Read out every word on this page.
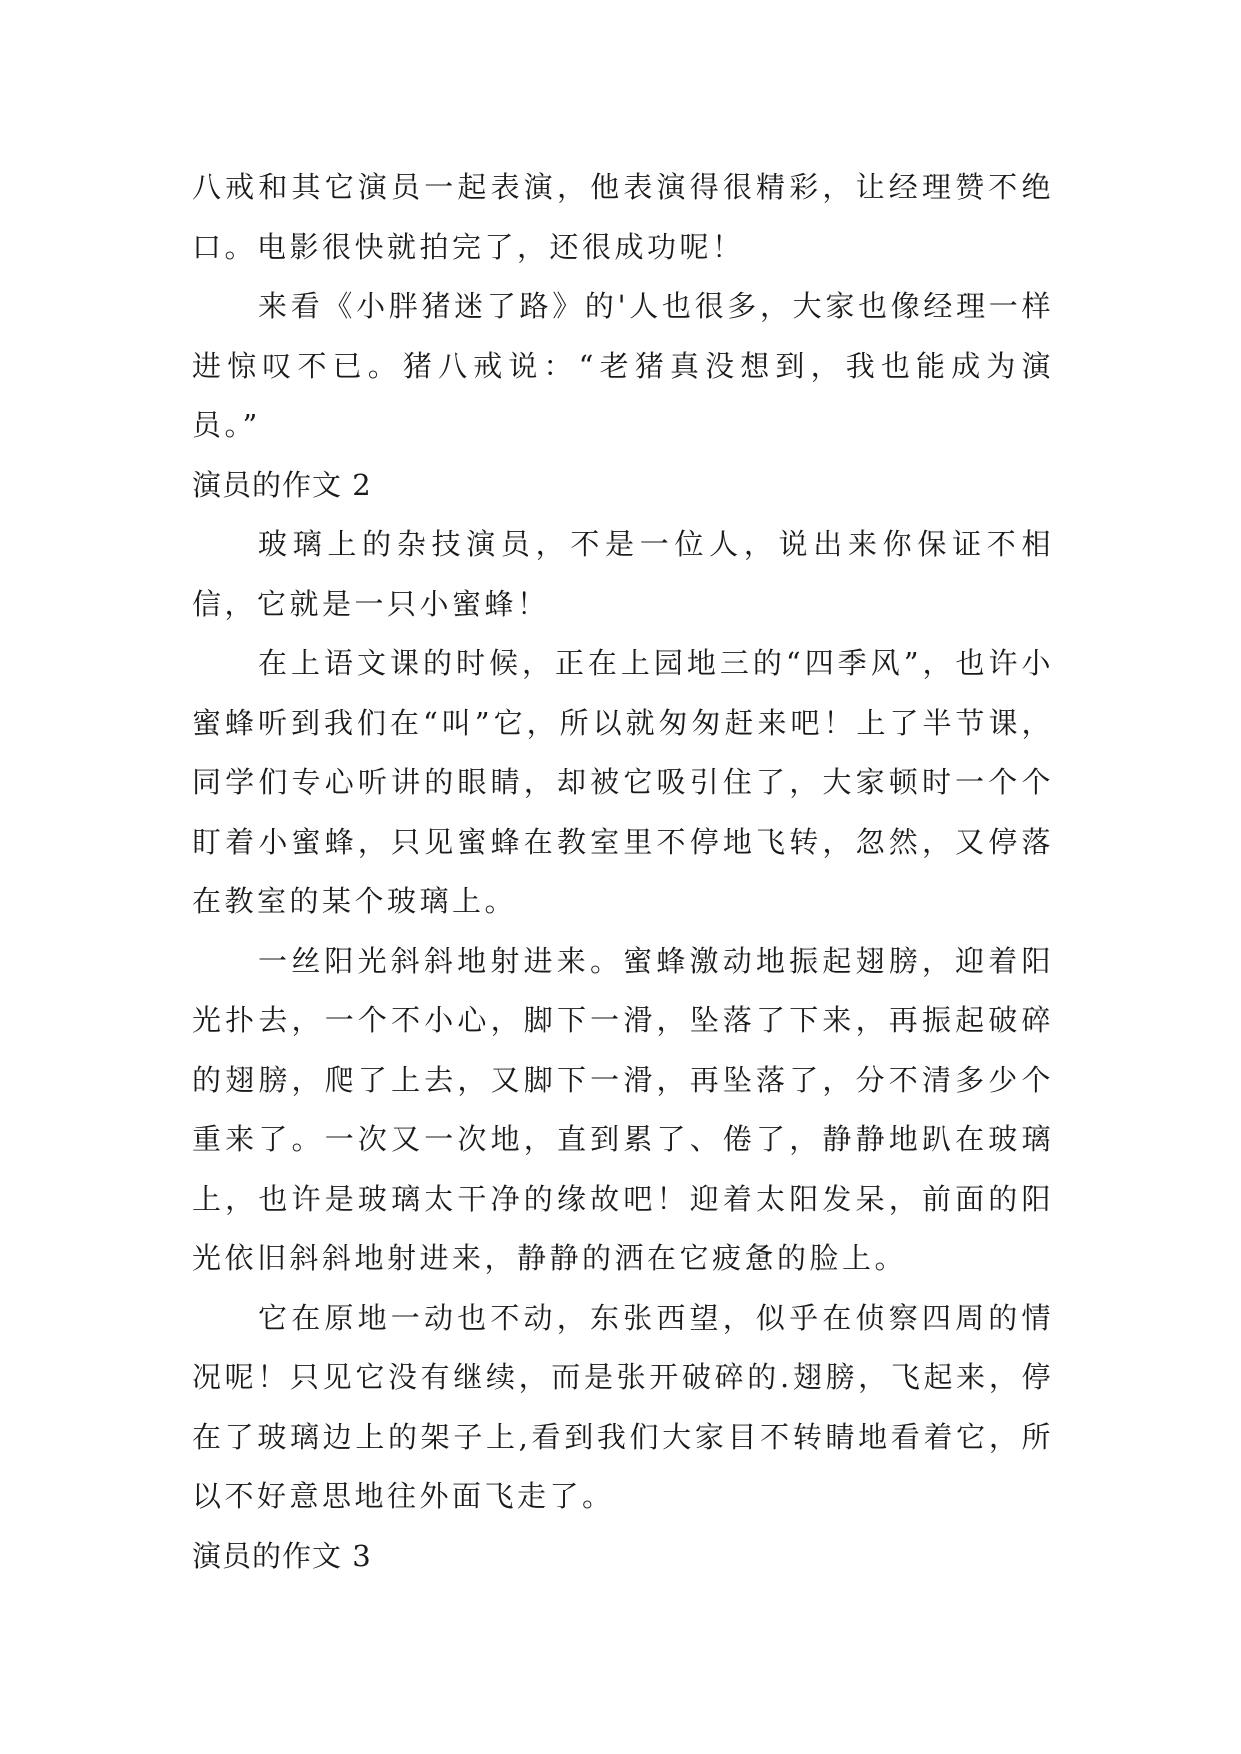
八戒和其它演员一起表演，他表演得很精彩，让经理赞不绝口。电影很快就拍完了，还很成功呢！

来看《小胖猪迷了路》的'人也很多，大家也像经理一样进惊叹不已。猪八戒说：“老猪真没想到，我也能成为演员。”

演员的作文 2

玻璃上的杂技演员，不是一位人，说出来你保证不相信，它就是一只小蜜蜂！

在上语文课的时候，正在上园地三的“四季风”，也许小蜜蜂听到我们在“叫”它，所以就匆匆赶来吧！上了半节课，同学们专心听讲的眼睛，却被它吸引住了，大家顿时一个个盯着小蜜蜂，只见蜜蜂在教室里不停地飞转，忽然，又停落在教室的某个玻璃上。

一丝阳光斜斜地射进来。蜜蜂激动地振起翅膀，迎着阳光扑去，一个不小心，脚下一滑，坠落了下来，再振起破碎的翅膀，爬了上去，又脚下一滑，再坠落了，分不清多少个重来了。一次又一次地，直到累了、倦了，静静地趴在玻璃上，也许是玻璃太干净的缘故吧！迎着太阳发呆，前面的阳光依旧斜斜地射进来，静静的洒在它疲惫的脸上。

它在原地一动也不动，东张西望，似乎在侦察四周的情况呢！只见它没有继续，而是张开破碎的.翅膀，飞起来，停在了玻璃边上的架子上,看到我们大家目不转睛地看着它，所以不好意思地往外面飞走了。

演员的作文 3
